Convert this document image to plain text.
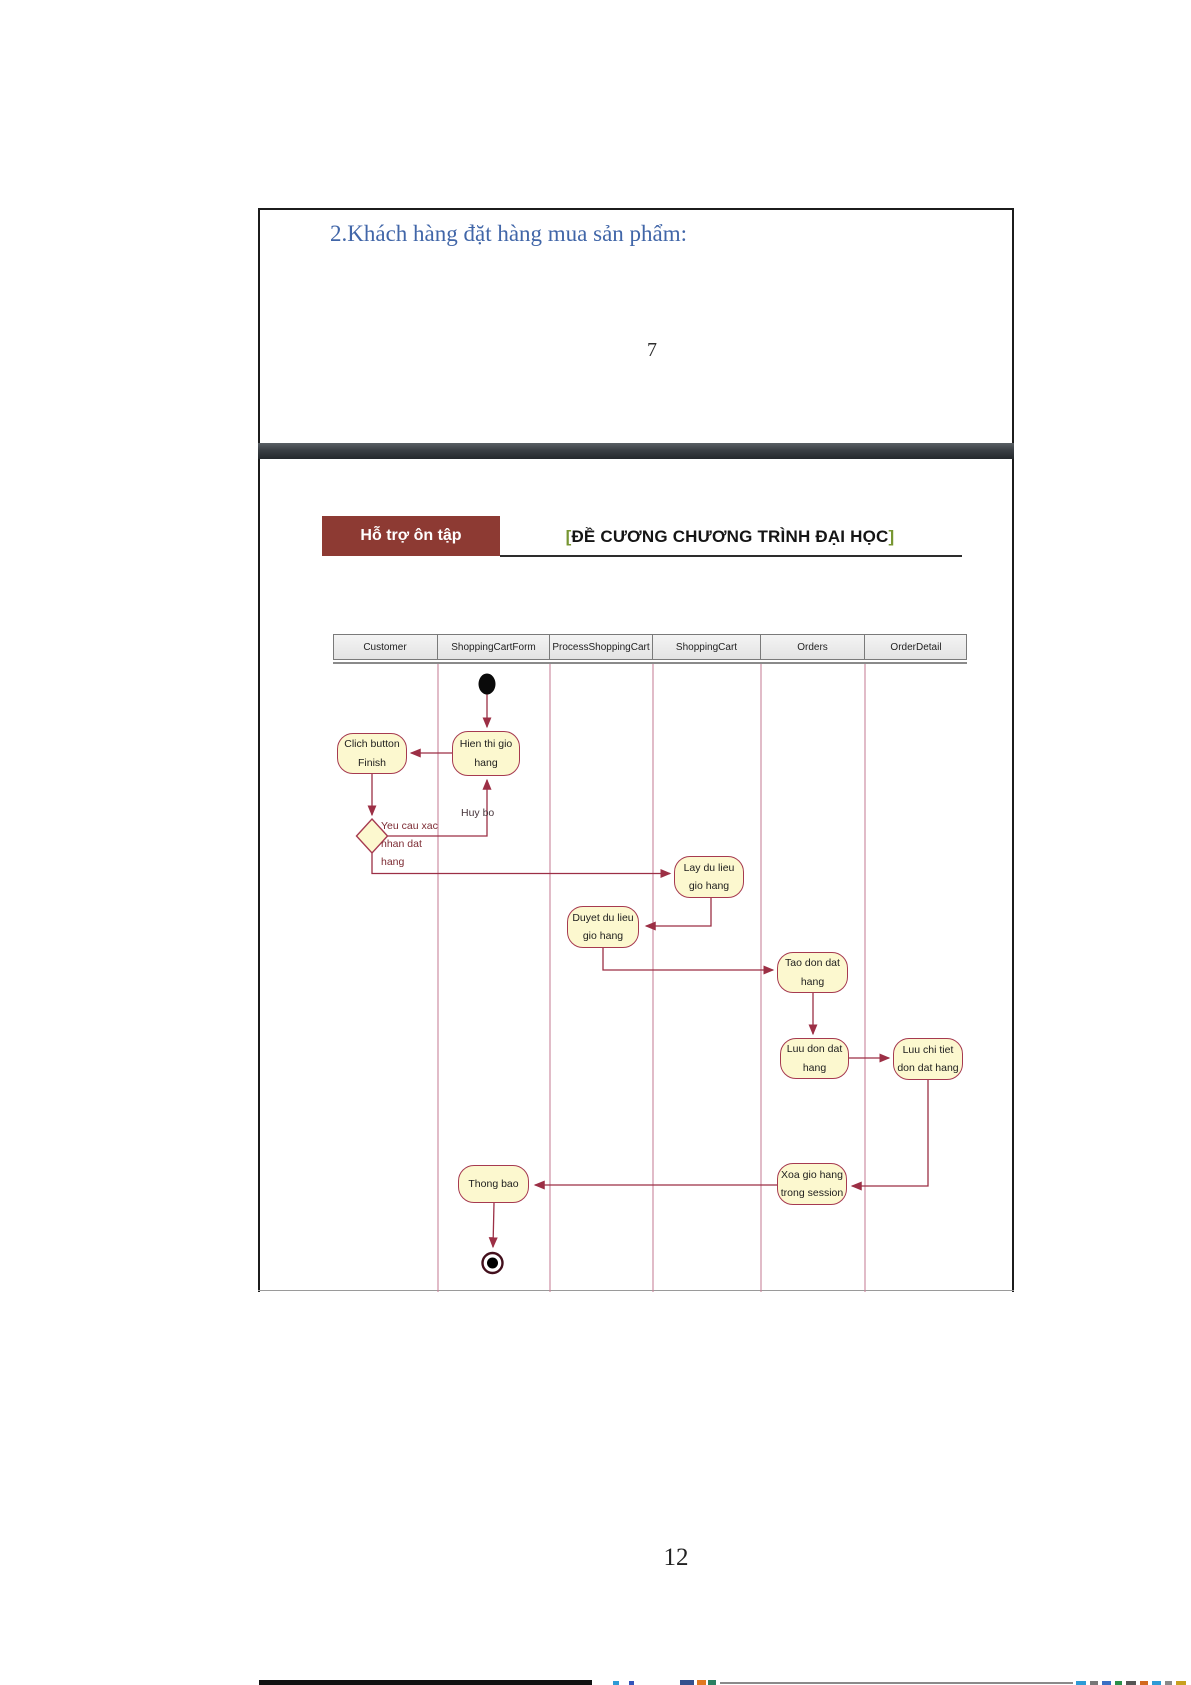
2.Khách hàng đặt hàng mua sản phẩm:
7
Hỗ trợ ôn tập	[ĐỀ CƯƠNG CHƯƠNG TRÌNH ĐẠI HỌC]
Customer	ShoppingCartForm	ProcessShoppingCart	ShoppingCart	Orders	OrderDetail
Clich button Finish
Hien thi gio hang
Lay du lieu gio hang
Duyet du lieu gio hang
Tao don dat hang
Luu don dat hang
Luu chi tiet don dat hang
Xoa gio hang trong session
Thong bao
Yeu cau xac nhan dat hang
Huy bo
12
